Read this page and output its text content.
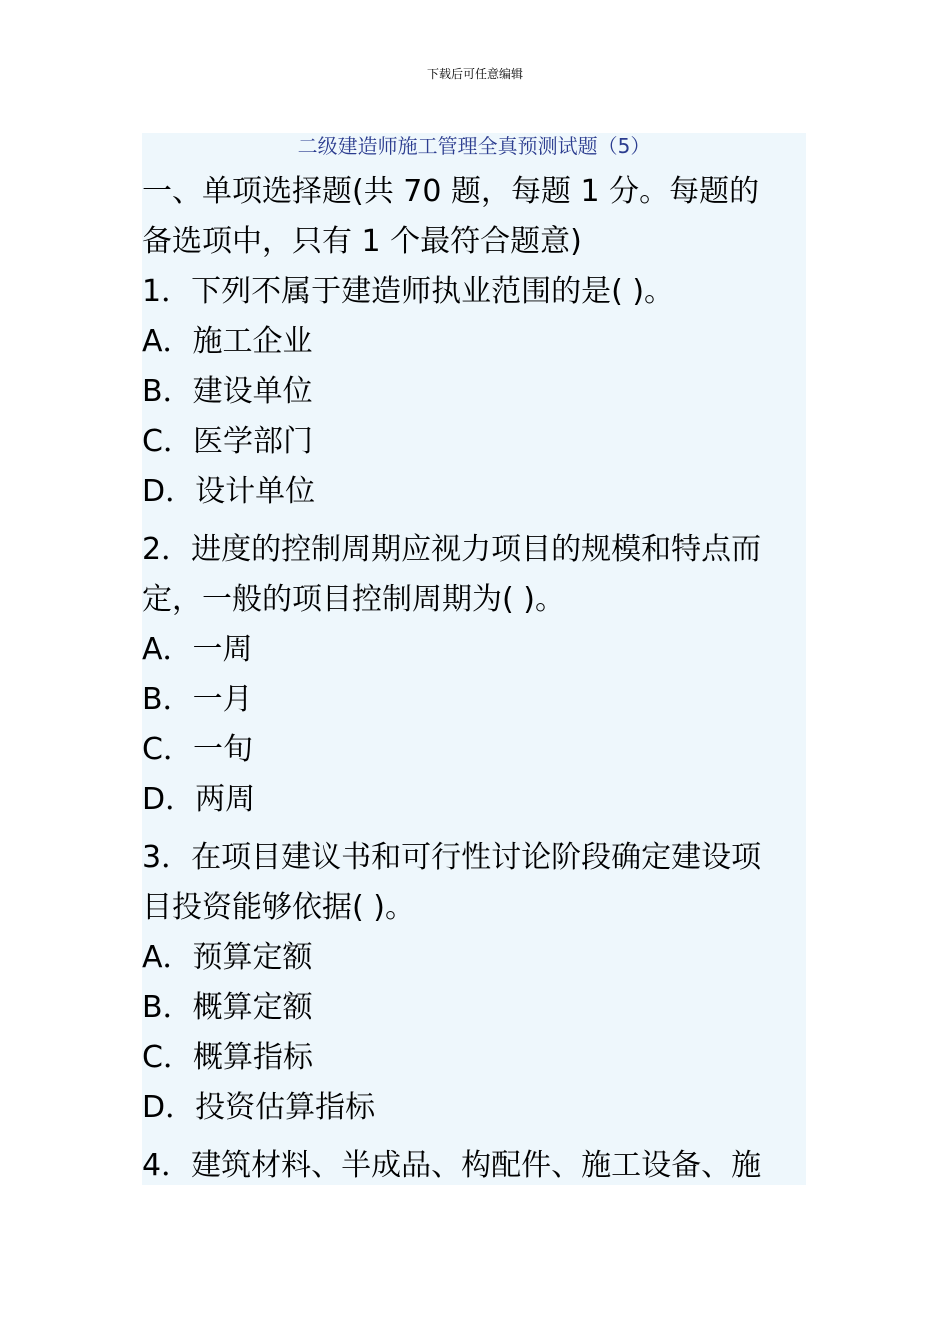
下载后可任意编辑
二级建造师施工管理全真预测试题（5）
一、单项选择题(共 70 题，每题 1 分。每题的
备选项中，只有 1 个最符合题意)
1．下列不属于建造师执业范围的是( )。
A．施工企业
B．建设单位
C．医学部门
D．设计单位
2．进度的控制周期应视力项目的规模和特点而
定，一般的项目控制周期为( )。
A．一周
B．一月
C．一旬
D．两周
3．在项目建议书和可行性讨论阶段确定建设项
目投资能够依据( )。
A．预算定额
B．概算定额
C．概算指标
D．投资估算指标
4．建筑材料、半成品、构配件、施工设备、施
